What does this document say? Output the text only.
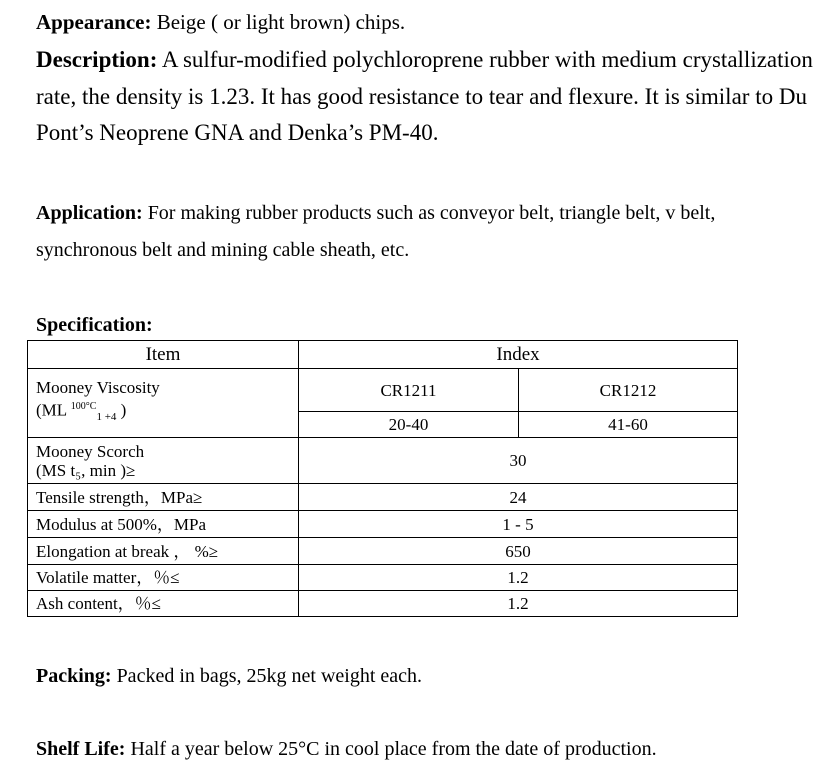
Appearance: Beige ( or light brown) chips.
Description: A sulfur-modified polychloroprene rubber with medium crystallization rate, the density is 1.23. It has good resistance to tear and flexure. It is similar to Du Pont’s Neoprene GNA and Denka’s PM-40.
Application: For making rubber products such as conveyor belt, triangle belt, v belt, synchronous belt and mining cable sheath, etc.
Specification:
Item	Index	

Mooney Viscosity
(ML $^{100^\circ C}_{1 +4}$ )	CR1211	CR1212
	20-40	41-60

Mooney Scorch
(MS t₅, min )≥	30	
Tensile strength，MPa≥	24	
Modulus at 500%，MPa	1 - 5	
Elongation at break ， %≥	650	
Volatile matter，％≤	1.2	
Ash content，％≤	1.2	
Packing: Packed in bags, 25kg net weight each.
Shelf Life: Half a year below 25°C in cool place from the date of production.
